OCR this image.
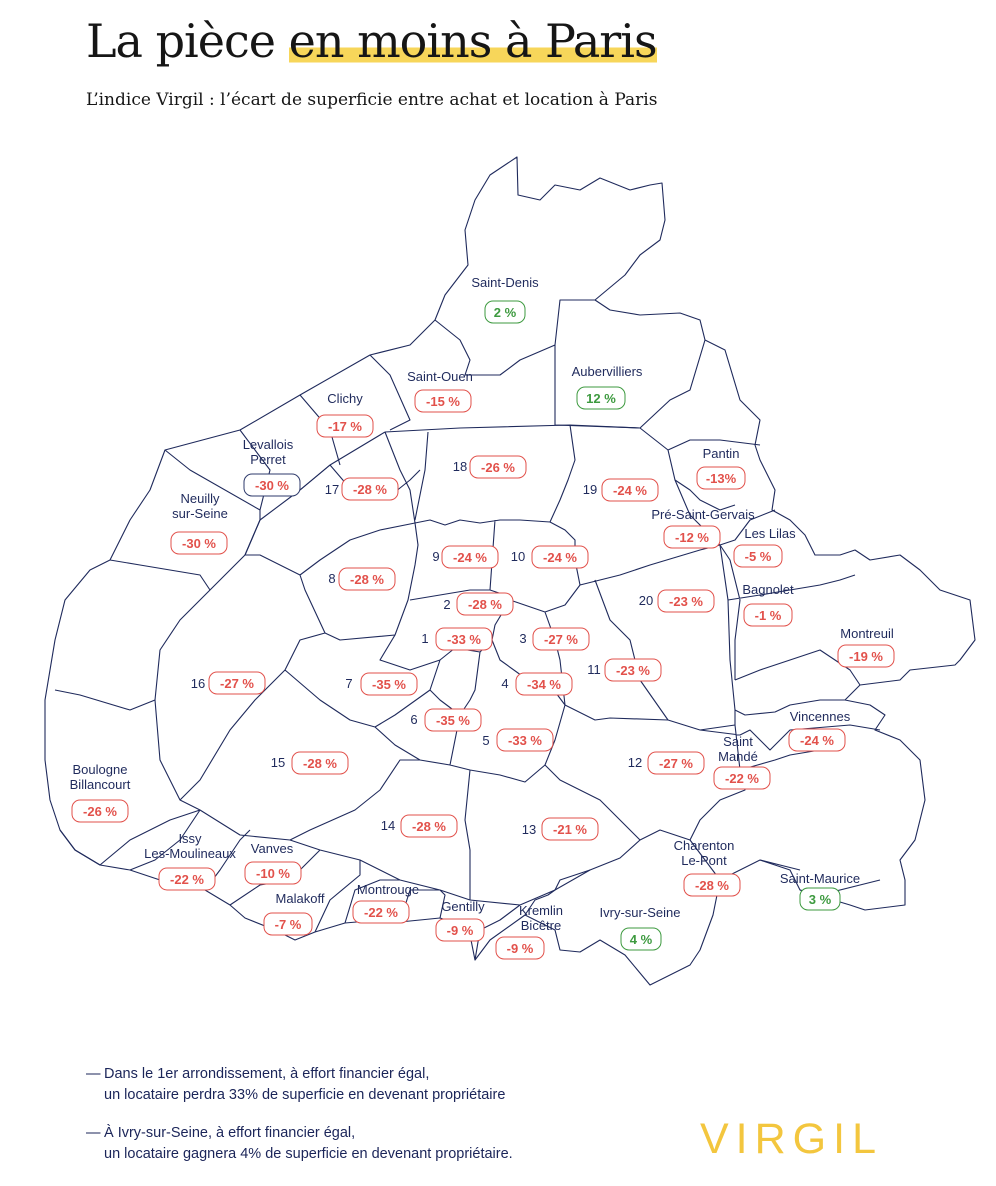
La pièce en moins à Paris
L’indice Virgil : l’écart de superficie entre achat et location à Paris
Saint-Denis
2 %
Saint-Ouen
-15 %
Aubervilliers
12 %
Clichy
-17 %
Levallois
Perret
-30 %
Neuilly
sur-Seine
-30 %
Pantin
-13%
Pré-Saint-Gervais
-12 %	Les Lilas
-5 %
Bagnolet
-1 %
Montreuil
-19 %
Vincennes
-24 %
Saint
Mandé
-22 %
Saint-Maurice
3 %
Charenton
Le-Pont
-28 %
Ivry-sur-Seine
4 %
Kremlin
Bicêtre
-9 %
Gentilly
-9 %
Montrouge
-22 %
Malakoff
-7 %
Vanves
-10 %
Issy
Les-Moulineaux
-22 %
Boulogne
Billancourt
-26 %
1 -33 %
2 -28 %
3 -27 %
4 -34 %
5 -33 %
6 -35 %
7 -35 %
8 -28 %
9 -24 % 10 -24 %
11 -23 %
12 -27 %
13 -21 %
14 -28 %
15 -28 %
16 -27 %
17 -28 %
18 -26 %
19 -24 %
20 -23 %
— Dans le 1er arrondissement, à effort financier égal,
un locataire perdra 33% de superficie en devenant propriétaire

— À Ivry-sur-Seine, à effort financier égal,
un locataire gagnera 4% de superficie en devenant propriétaire.	VIRGIL
